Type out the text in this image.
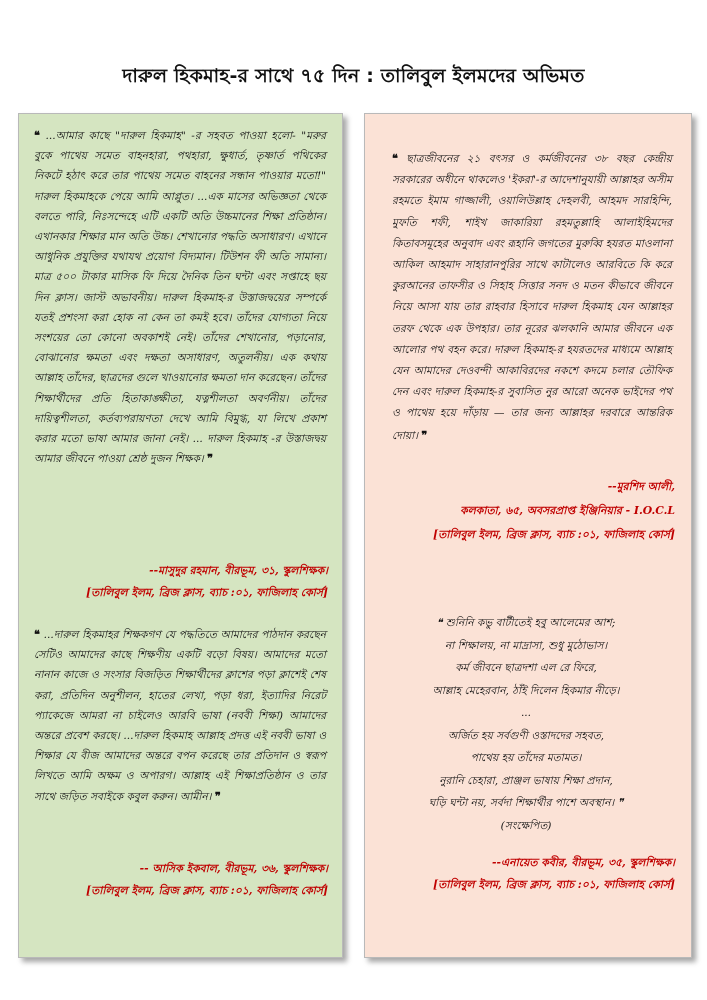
দারুল হিকমাহ-র সাথে ৭৫ দিন : তালিবুল ইলমদের অভিমত

❝ ...আমার কাছে "দারুল হিকমাহ" -র সহবত পাওয়া হলো- "মরুর বুকে পাথেয় সমেত বাহনহারা, পথহারা, ক্ষুধার্ত, তৃষ্ণার্ত পথিকের নিকটে হঠাৎ করে তার পাথেয় সমেত বাহনের সন্ধান পাওয়ার মতো!" দারুল হিকমাহকে পেয়ে আমি আপ্লুত। ...এক মাসের অভিজ্ঞতা থেকে বলতে পারি, নিঃসন্দেহে এটি একটি অতি উচ্চমানের শিক্ষা প্রতিষ্ঠান। এখানকার শিক্ষার মান অতি উচ্চ। শেখানোর পদ্ধতি অসাধারণ। এখানে আধুনিক প্রযুক্তির যথাযথ প্রয়োগ বিদ্যমান। টিউশন ফী অতি সামান্য। মাত্র ৫০০ টাকার মাসিক ফি দিয়ে দৈনিক তিন ঘন্টা এবং সপ্তাহে ছয় দিন ক্লাস। জাস্ট অভাবনীয়। দারুল হিকমাহ-র উস্তাজদ্বয়ের সম্পর্কে যতই প্রশংসা করা হোক না কেন তা কমই হবে। তাঁদের যোগ্যতা নিয়ে সংশয়ের তো কোনো অবকাশই নেই। তাঁদের শেখানোর, পড়ানোর, বোঝানোর ক্ষমতা এবং দক্ষতা অসাধারণ, অতুলনীয়। এক কথায় আল্লাহ তাঁদের, ছাত্রদের গুলে খাওয়ানোর ক্ষমতা দান করেছেন। তাঁদের শিক্ষার্থীদের প্রতি হিতাকাঙ্ক্ষীতা, যত্নশীলতা অবর্ণনীয়। তাঁদের দায়িত্বশীলতা, কর্তব্যপরায়ণতা দেখে আমি বিমুগ্ধ, যা লিখে প্রকাশ করার মতো ভাষা আমার জানা নেই। ... দারুল হিকমাহ -র উস্তাজদ্বয় আমার জীবনে পাওয়া শ্রেষ্ঠ দুজন শিক্ষক। ❞

--মাসুদুর রহমান, বীরভূম, ৩১, স্কুলশিক্ষক।
[তালিবুল ইলম, ব্রিজ ক্লাস, ব্যাচ :০১, ফাজিলাহ কোর্স]

❝ ...দারুল হিকমাহর শিক্ষকগণ যে পদ্ধতিতে আমাদের পাঠদান করছেন সেটিও আমাদের কাছে শিক্ষণীয় একটি বড়ো বিষয়। আমাদের মতো নানান কাজে ও সংসার বিজড়িত শিক্ষার্থীদের ক্লাশের পড়া ক্লাশেই শেষ করা, প্রতিদিন অনুশীলন, হাতের লেখা, পড়া ধরা, ইত্যাদির নিরেট প্যাকেজে আমরা না চাইলেও আরবি ভাষা (নববী শিক্ষা) আমাদের অন্তরে প্রবেশ করছে। ...দারুল হিকমাহ আল্লাহ প্রদত্ত এই নববী ভাষা ও শিক্ষার যে বীজ আমাদের অন্তরে বপন করেছে তার প্রতিদান ও স্বরূপ লিখতে আমি অক্ষম ও অপারগ। আল্লাহ এই শিক্ষাপ্রতিষ্ঠান ও তার সাথে জড়িত সবাইকে কবুল করুন। আমীন। ❞

-- আসিক ইকবাল, বীরভূম, ৩৬, স্কুলশিক্ষক।
[তালিবুল ইলম, ব্রিজ ক্লাস, ব্যাচ :০১, ফাজিলাহ কোর্স]

❝ ছাত্রজীবনের ২১ বৎসর ও কর্মজীবনের ৩৮ বছর কেন্দ্রীয় সরকারের অধীনে থাকলেও 'ইকরা'-র আদেশানুযায়ী আল্লাহর অসীম রহমতে ইমাম গাজ্জালী, ওয়ালিউল্লাহ দেহলবী, আহমদ সারহিন্দি, মুফতি শফী, শাইখ জাকারিয়া রহমতুল্লাহি আলাইহিমদের কিতাবসমূহের অনুবাদ এবং রূহানি জগতের মুরুব্বি হযরত মাওলানা আকিল আহমাদ সাহারানপুরির সাথে কাটালেও আরবিতে কি করে কুরআনের তাফসীর ও সিহাহ সিত্তার সনদ ও মতন কীভাবে জীবনে নিয়ে আসা যায় তার রাহবার হিসাবে দারুল হিকমাহ যেন আল্লাহর তরফ থেকে এক উপহার। তার নূরের ঝলকানি আমার জীবনে এক আলোর পথ বহন করে। দারুল হিকমাহ-র হযরতদের মাধ্যমে আল্লাহ যেন আমাদের দেওবন্দী আকাবিরদের নকশে কদমে চলার তৌফিক দেন এবং দারুল হিকমাহ-র সুবাসিত নুর আরো অনেক ভাইদের পথ ও পাথেয় হয়ে দাঁড়ায় — তার জন্য আল্লাহর দরবারে আন্তরিক দোয়া। ❞

--মুরশিদ আলী,
কলকাতা, ৬৫, অবসরপ্রাপ্ত ইঞ্জিনিয়ার - I.O.C.L
[তালিবুল ইলম, ব্রিজ ক্লাস, ব্যাচ :০১, ফাজিলাহ কোর্স]
❝ শুনিনি কভু বাটীতেই হবু আলেমের আশ;
না শিক্ষালয়, না মাদ্রাসা, শুধু মুঠোভাস।
কর্ম জীবনে ছাত্রদশা এল রে ফিরে,
আল্লাহ মেহেরবান, ঠাঁই দিলেন হিকমার নীড়ে।
...
অর্জিত হয় সর্বগুণী ওস্তাদদের সহবত,
পাথেয় হয় তাঁদের মতামত।
নুরানি চেহারা, প্রাঞ্জল ভাষায় শিক্ষা প্রদান,
ঘড়ি ঘন্টা নয়, সর্বদা শিক্ষার্থীর পাশে অবস্থান। ❞
(সংক্ষেপিত)
--এনায়েত কবীর, বীরভূম, ৩৫, স্কুলশিক্ষক।
[তালিবুল ইলম, ব্রিজ ক্লাস, ব্যাচ :০১, ফাজিলাহ কোর্স]
